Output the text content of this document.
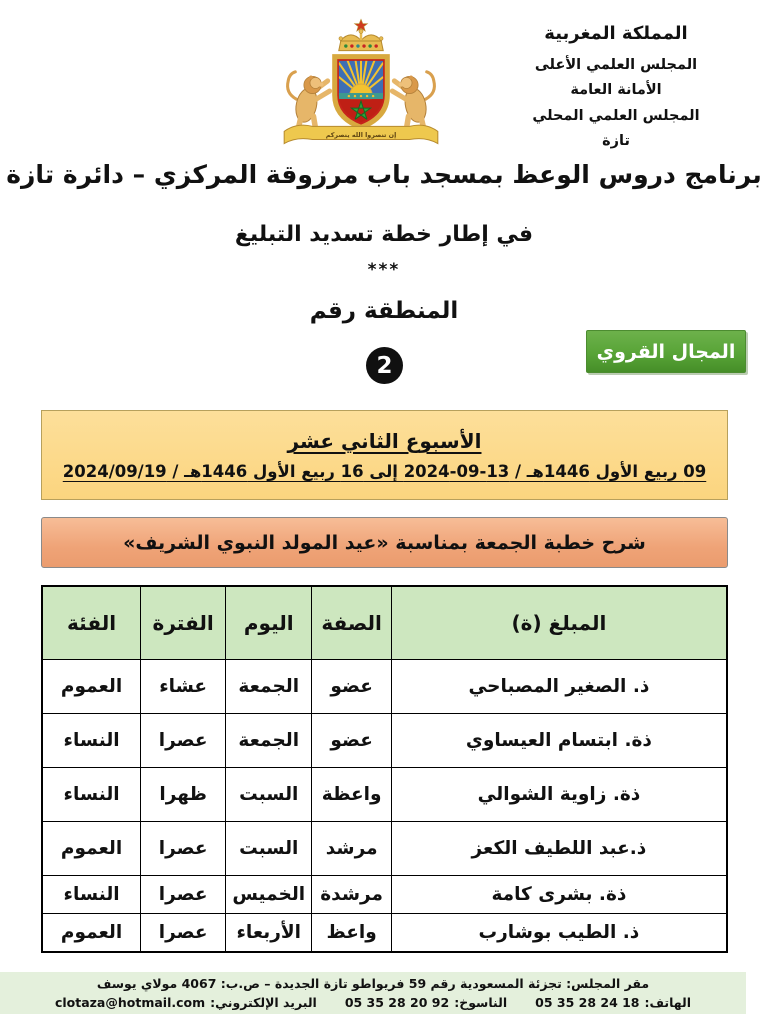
المملكة المغربية
المجلس العلمي الأعلى
الأمانة العامة
المجلس العلمي المحلي
تازة
إن تنصروا الله ينصركم
برنامج دروس الوعظ بمسجد باب مرزوقة المركزي – دائرة تازة
في إطار خطة تسديد التبليغ
***
المنطقة رقم
2
المجال القروي
الأسبوع الثاني عشر
09 ربيع الأول 1446هـ / 13-09-2024 إلى 16 ربيع الأول 1446هـ / 2024/09/19
شرح خطبة الجمعة بمناسبة «عيد المولد النبوي الشريف»
المبلغ (ة)	الصفة	اليوم	الفترة	الفئة
ذ. الصغير المصباحي	عضو	الجمعة	عشاء	العموم
ذة. ابتسام العيساوي	عضو	الجمعة	عصرا	النساء
ذة. زاوية الشوالي	واعظة	السبت	ظهرا	النساء
ذ.عبد اللطيف الكعز	مرشد	السبت	عصرا	العموم
ذة. بشرى كامة	مرشدة	الخميس	عصرا	النساء
ذ. الطيب بوشارب	واعظ	الأربعاء	عصرا	العموم
مقر المجلس: تجزئة المسعودية رقم 59 فريواطو تازة الجديدة – ص.ب: 4067 مولاي يوسف
الهاتف:
05 35 28 24 18
الناسوخ:
05 35 28 20 92
البريد الإلكتروني:
clotaza@hotmail.com
